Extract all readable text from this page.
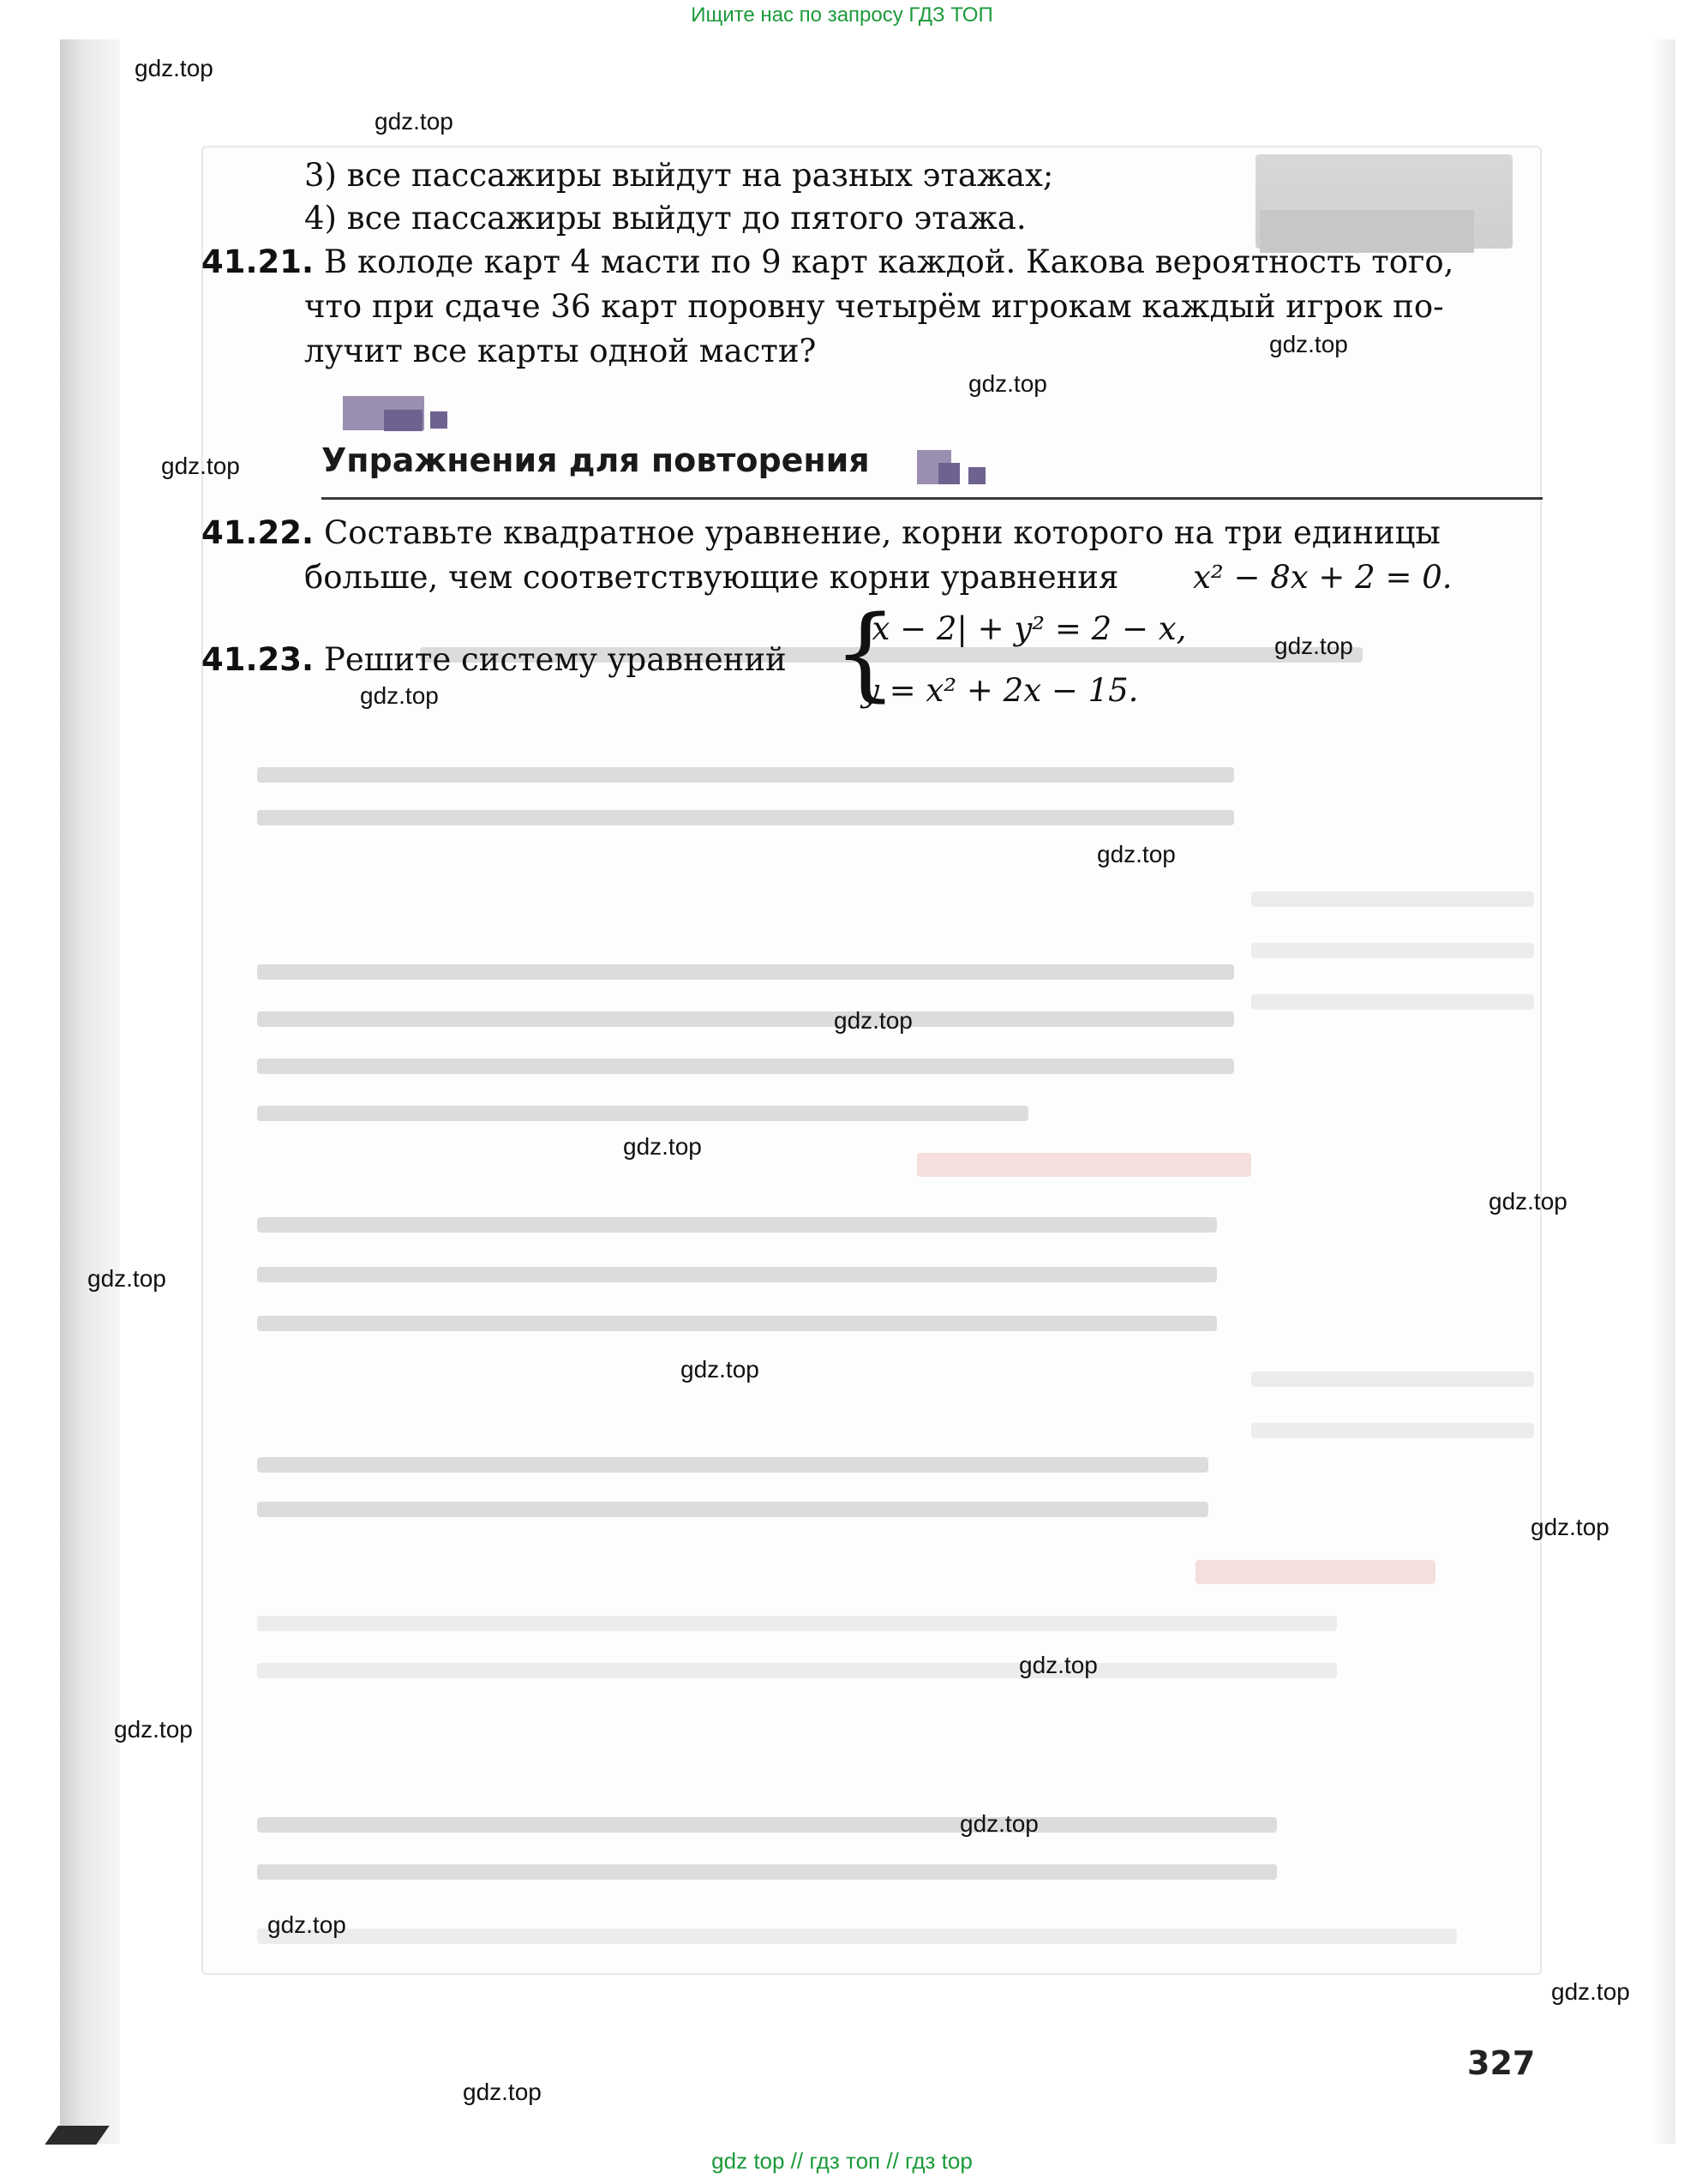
Ищите нас по запросу ГДЗ ТОП
3) все пассажиры выйдут на разных этажах;
4) все пассажиры выйдут до пятого этажа.
41.21. В колоде карт 4 масти по 9 карт каждой. Какова вероятность того,
что при сдаче 36 карт поровну четырём игрокам каждый игрок по-
лучит все карты одной масти?
Упражнения для повторения
41.22. Составьте квадратное уравнение, корни которого на три единицы
больше, чем соответствующие корни уравнения x² − 8x + 2 = 0.
41.23. Решите систему уравнений {
|x − 2| + y² = 2 − x,
y = x² + 2x − 15.
327
gdz.top
gdz.top
gdz.top
gdz.top
gdz.top
gdz.top
gdz.top
gdz.top
gdz.top
gdz.top
gdz.top
gdz.top
gdz.top
gdz.top
gdz.top
gdz.top
gdz.top
gdz.top
gdz.top
gdz.top
gdz top // гдз топ // гдз top
